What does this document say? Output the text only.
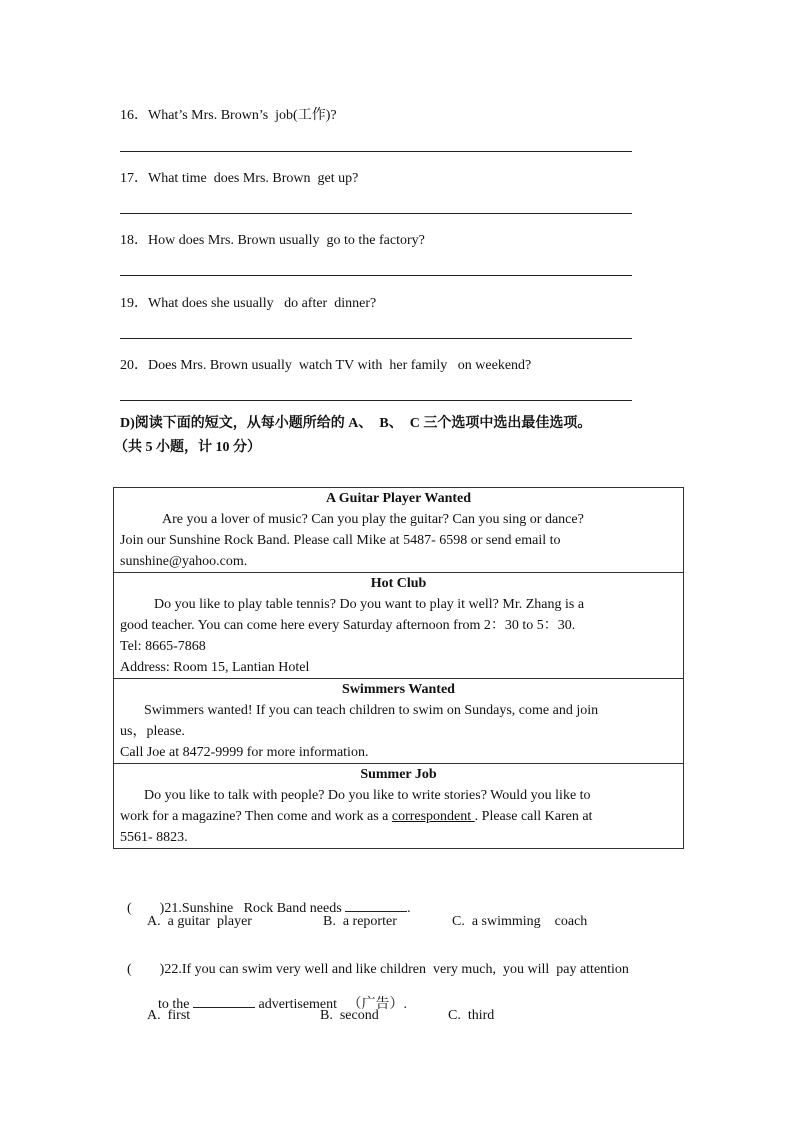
16．What’s Mrs. Brown’s  job(工作)?
17．What time  does Mrs. Brown  get up?
18．How does Mrs. Brown usually  go to the factory?
19．What does she usually   do after  dinner?
20．Does Mrs. Brown usually  watch TV with  her family   on weekend?
D)阅读下面的短文，从每小题所给的 A、  B、  C 三个选项中选出最佳选项。
（共 5 小题，计 10 分）
A Guitar Player Wanted
Are you a lover of music? Can you play the guitar? Can you sing or dance?
Join our Sunshine Rock Band. Please call Mike at 5487- 6598 or send email to
sunshine@yahoo.com.

Hot Club
Do you like to play table tennis? Do you want to play it well? Mr. Zhang is a
good teacher. You can come here every Saturday afternoon from 2：30 to 5：30.
Tel: 8665-7868
Address: Room 15, Lantian Hotel

Swimmers Wanted
Swimmers wanted! If you can teach children to swim on Sundays, come and join
us，please.
Call Joe at 8472-9999 for more information.

Summer Job
Do you like to talk with people? Do you like to write stories? Would you like to
work for a magazine? Then come and work as a correspondent . Please call Karen at
5561- 8823.

(        )21.Sunshine   Rock Band needs	.

A.  a guitar  player	B.  a reporter	C.  a swimming    coach

(        )22.If you can swim very well and like children  very much,  you will  pay attention

to the	advertisement   （广告）.

A.  first	B.  second	C.  third
